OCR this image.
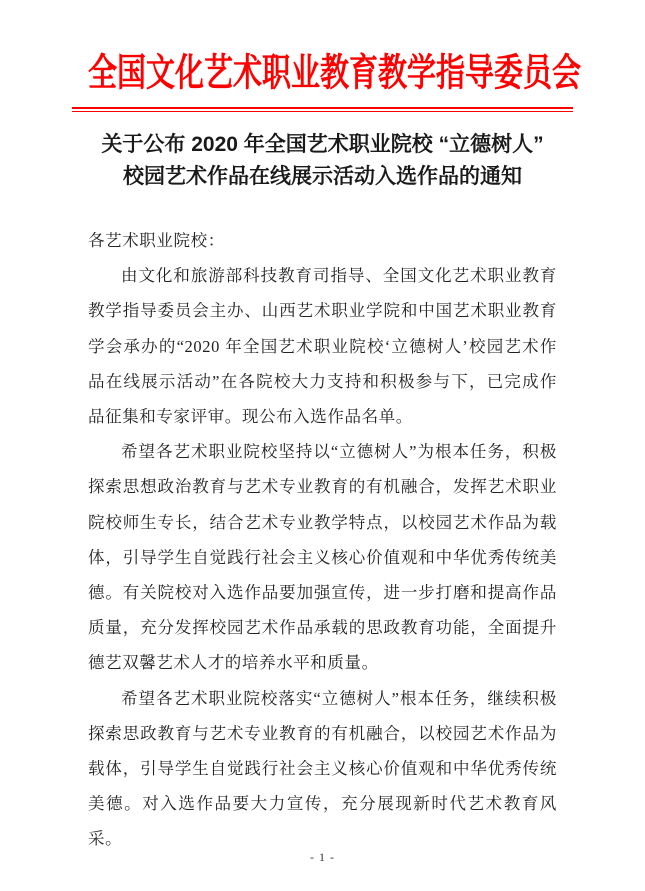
全国文化艺术职业教育教学指导委员会
关于公布 2020 年全国艺术职业院校 “立德树人”
校园艺术作品在线展示活动入选作品的通知

各艺术职业院校：

由文化和旅游部科技教育司指导、全国文化艺术职业教育教学指导委员会主办、山西艺术职业学院和中国艺术职业教育学会承办的“2020 年全国艺术职业院校‘立德树人’校园艺术作品在线展示活动”在各院校大力支持和积极参与下，已完成作品征集和专家评审。现公布入选作品名单。

希望各艺术职业院校坚持以“立德树人”为根本任务，积极探索思想政治教育与艺术专业教育的有机融合，发挥艺术职业院校师生专长，结合艺术专业教学特点，以校园艺术作品为载体，引导学生自觉践行社会主义核心价值观和中华优秀传统美德。有关院校对入选作品要加强宣传，进一步打磨和提高作品质量，充分发挥校园艺术作品承载的思政教育功能，全面提升德艺双馨艺术人才的培养水平和质量。

希望各艺术职业院校落实“立德树人”根本任务，继续积极探索思政教育与艺术专业教育的有机融合，以校园艺术作品为载体，引导学生自觉践行社会主义核心价值观和中华优秀传统美德。对入选作品要大力宣传，充分展现新时代艺术教育风采。

- 1 -
